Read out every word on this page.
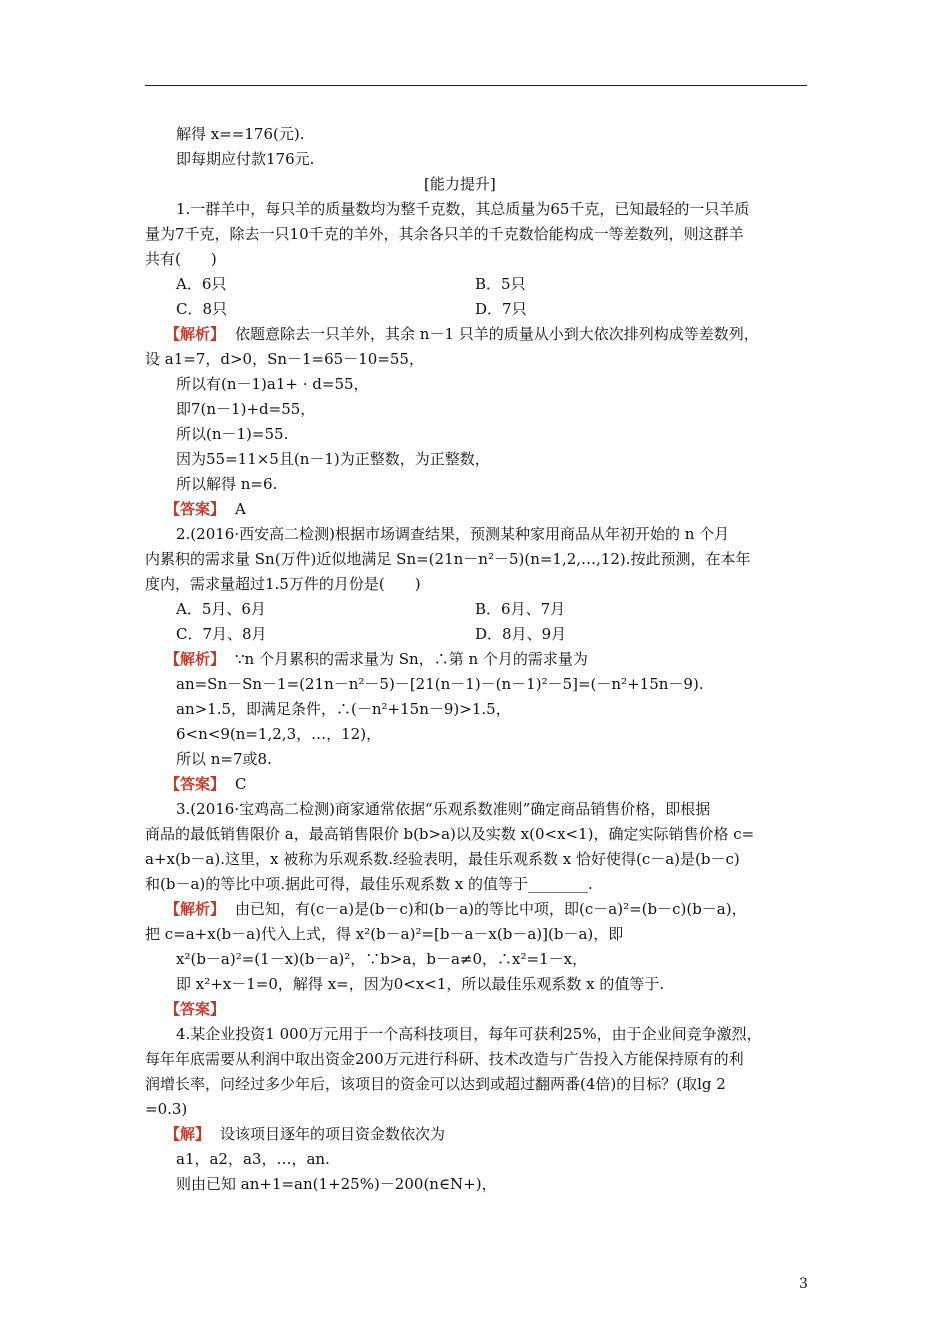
解得 x==176(元).
即每期应付款176元.
[能力提升]
1.一群羊中，每只羊的质量数均为整千克数，其总质量为65千克，已知最轻的一只羊质
量为7千克，除去一只10千克的羊外，其余各只羊的千克数恰能构成一等差数列，则这群羊
共有(　　)
A．6只	B．5只
C．8只	D．7只
【解析】 依题意除去一只羊外，其余 n－1 只羊的质量从小到大依次排列构成等差数列，
设 a1=7，d>0，Sn－1=65－10=55，
所以有(n－1)a1+ · d=55，
即7(n－1)+d=55，
所以(n－1)=55.
因为55=11×5且(n－1)为正整数，为正整数，
所以解得 n=6.
【答案】 A
2.(2016·西安高二检测)根据市场调查结果，预测某种家用商品从年初开始的 n 个月
内累积的需求量 Sn(万件)近似地满足 Sn=(21n－n²－5)(n=1,2,…,12).按此预测，在本年
度内，需求量超过1.5万件的月份是(　　)
A．5月、6月	B．6月、7月
C．7月、8月	D．8月、9月
【解析】 ∵n 个月累积的需求量为 Sn，∴第 n 个月的需求量为
an=Sn－Sn－1=(21n－n²－5)－[21(n－1)－(n－1)²－5]=(－n²+15n－9).
an>1.5，即满足条件，∴(－n²+15n－9)>1.5，
6<n<9(n=1,2,3，…，12)，
所以 n=7或8.
【答案】 C
3.(2016·宝鸡高二检测)商家通常依据“乐观系数准则”确定商品销售价格，即根据
商品的最低销售限价 a，最高销售限价 b(b>a)以及实数 x(0<x<1)，确定实际销售价格 c=
a+x(b－a).这里，x 被称为乐观系数.经验表明，最佳乐观系数 x 恰好使得(c－a)是(b－c)
和(b－a)的等比中项.据此可得，最佳乐观系数 x 的值等于________.
【解析】 由已知，有(c－a)是(b－c)和(b－a)的等比中项，即(c－a)²=(b－c)(b－a)，
把 c=a+x(b－a)代入上式，得 x²(b－a)²=[b－a－x(b－a)](b－a)，即
x²(b－a)²=(1－x)(b－a)²，∵b>a，b－a≠0，∴x²=1－x，
即 x²+x－1=0，解得 x=，因为0<x<1，所以最佳乐观系数 x 的值等于.
【答案】
4.某企业投资1 000万元用于一个高科技项目，每年可获利25%，由于企业间竞争激烈，
每年年底需要从利润中取出资金200万元进行科研、技术改造与广告投入方能保持原有的利
润增长率，问经过多少年后，该项目的资金可以达到或超过翻两番(4倍)的目标？(取lg 2
=0.3)
【解】 设该项目逐年的项目资金数依次为
a1，a2，a3，…，an.
则由已知 an+1=an(1+25%)－200(n∈N+)，
3
